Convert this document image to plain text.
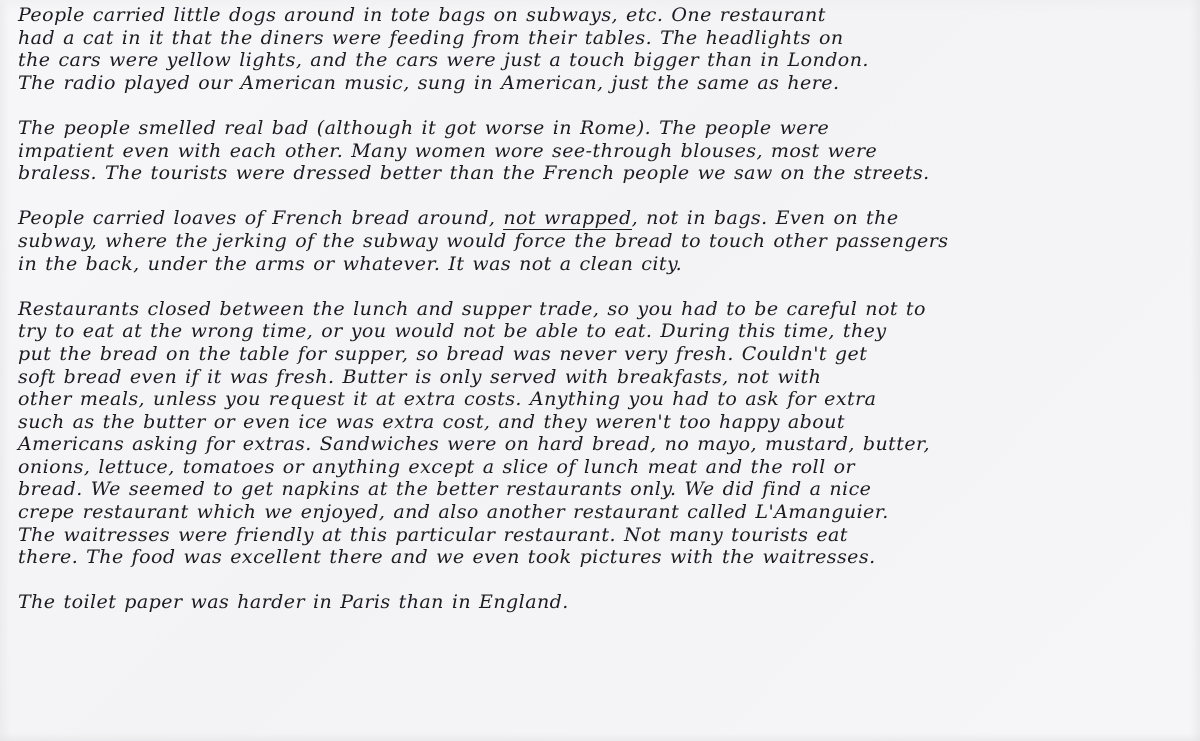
People carried little dogs around in tote bags on subways, etc. One restaurant
had a cat in it that the diners were feeding from their tables. The headlights on
the cars were yellow lights, and the cars were just a touch bigger than in London.
The radio played our American music, sung in American, just the same as here.
The people smelled real bad (although it got worse in Rome). The people were
impatient even with each other. Many women wore see-through blouses, most were
braless. The tourists were dressed better than the French people we saw on the streets.
People carried loaves of French bread around, not wrapped, not in bags. Even on the
subway, where the jerking of the subway would force the bread to touch other passengers
in the back, under the arms or whatever. It was not a clean city.
Restaurants closed between the lunch and supper trade, so you had to be careful not to
try to eat at the wrong time, or you would not be able to eat. During this time, they
put the bread on the table for supper, so bread was never very fresh. Couldn't get
soft bread even if it was fresh. Butter is only served with breakfasts, not with
other meals, unless you request it at extra costs. Anything you had to ask for extra
such as the butter or even ice was extra cost, and they weren't too happy about
Americans asking for extras. Sandwiches were on hard bread, no mayo, mustard, butter,
onions, lettuce, tomatoes or anything except a slice of lunch meat and the roll or
bread. We seemed to get napkins at the better restaurants only. We did find a nice
crepe restaurant which we enjoyed, and also another restaurant called L'Amanguier.
The waitresses were friendly at this particular restaurant. Not many tourists eat
there. The food was excellent there and we even took pictures with the waitresses.
The toilet paper was harder in Paris than in England.
